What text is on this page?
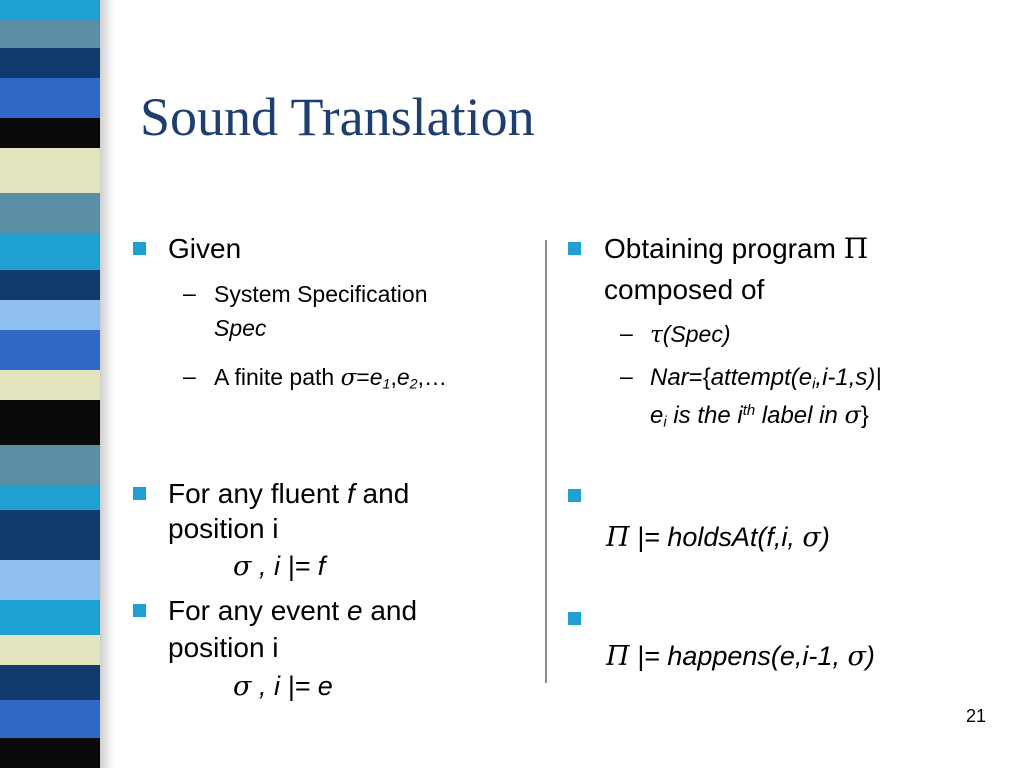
Sound Translation
Given
– System Specification
Spec
– A finite path $\sigma=e_1,e_2,\dots$
For any fluent f and
position i
σ , i |= f
For any event e and
position i
σ , i |= e
Obtaining program Π
composed of
– τ(Spec)
– $Nar=\{attempt(e_i,i-1,s)|$
$e_i$ is the $i^{th}$ label in σ}
Π |= holdsAt(f,i, σ)
Π |= happens(e,i-1, σ)
21
